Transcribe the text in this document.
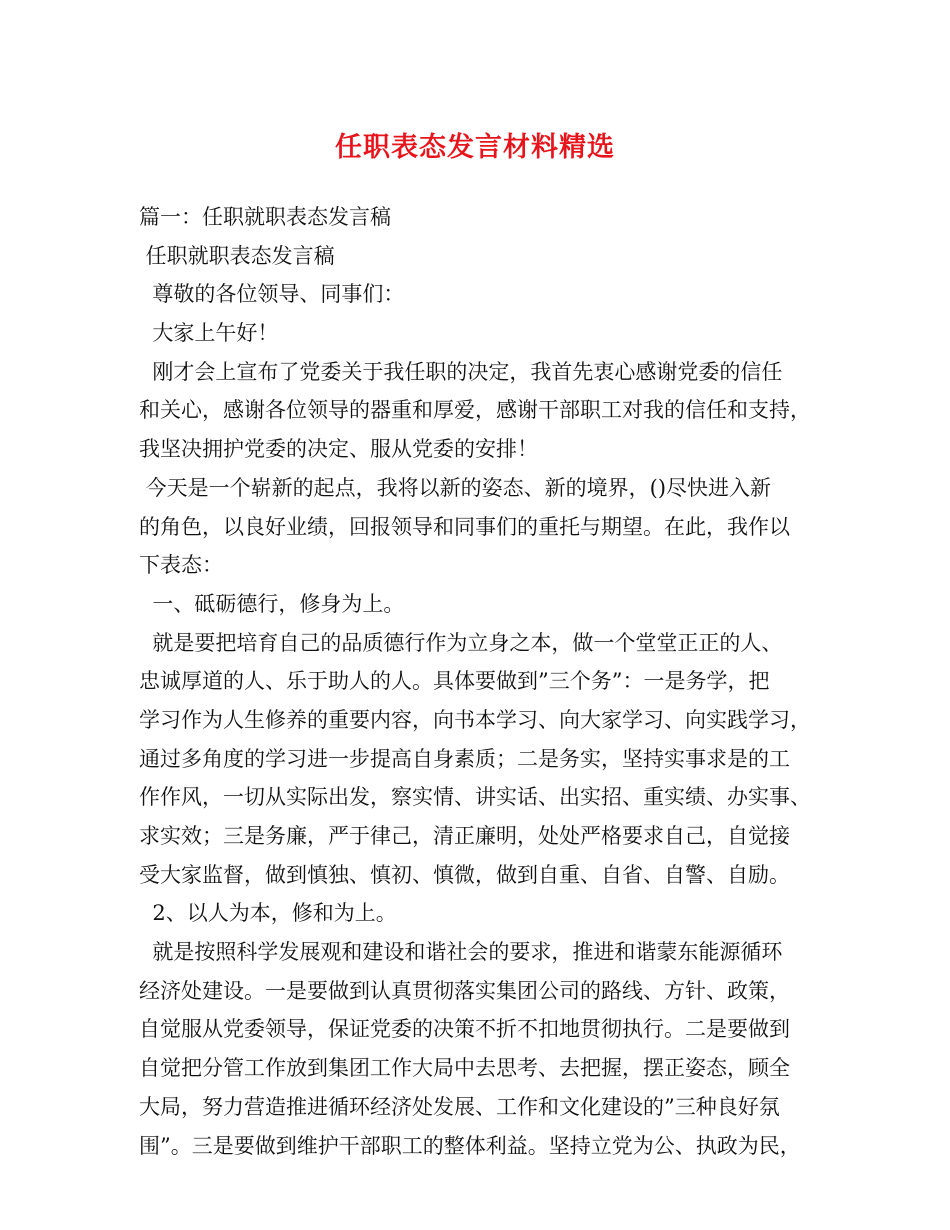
任职表态发言材料精选
篇一：任职就职表态发言稿
任职就职表态发言稿
尊敬的各位领导、同事们：
大家上午好！
刚才会上宣布了党委关于我任职的决定，我首先衷心感谢党委的信任
和关心，感谢各位领导的器重和厚爱，感谢干部职工对我的信任和支持，
我坚决拥护党委的决定、服从党委的安排！
今天是一个崭新的起点，我将以新的姿态、新的境界，()尽快进入新
的角色，以良好业绩，回报领导和同事们的重托与期望。在此，我作以
下表态：
一、砥砺德行，修身为上。
就是要把培育自己的品质德行作为立身之本，做一个堂堂正正的人、
忠诚厚道的人、乐于助人的人。具体要做到”三个务”：一是务学，把
学习作为人生修养的重要内容，向书本学习、向大家学习、向实践学习，
通过多角度的学习进一步提高自身素质；二是务实，坚持实事求是的工
作作风，一切从实际出发，察实情、讲实话、出实招、重实绩、办实事、
求实效；三是务廉，严于律己，清正廉明，处处严格要求自己，自觉接
受大家监督，做到慎独、慎初、慎微，做到自重、自省、自警、自励。
2、以人为本，修和为上。
就是按照科学发展观和建设和谐社会的要求，推进和谐蒙东能源循环
经济处建设。一是要做到认真贯彻落实集团公司的路线、方针、政策，
自觉服从党委领导，保证党委的决策不折不扣地贯彻执行。二是要做到
自觉把分管工作放到集团工作大局中去思考、去把握，摆正姿态，顾全
大局，努力营造推进循环经济处发展、工作和文化建设的”三种良好氛
围”。三是要做到维护干部职工的整体利益。坚持立党为公、执政为民，
